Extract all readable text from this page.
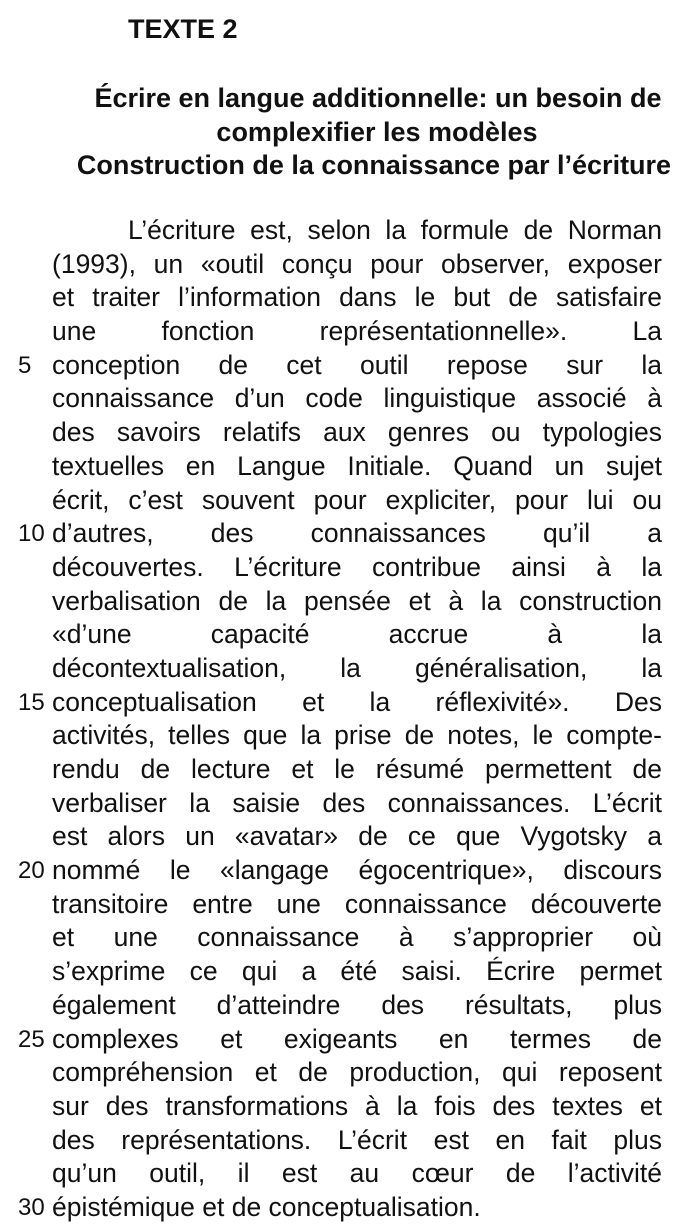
TEXTE 2
Écrire en langue additionnelle: un besoin de
complexifier les modèles
Construction de la connaissance par l’écriture
L’écriture est, selon la formule de Norman
(1993), un «outil conçu pour observer, exposer
et traiter l’information dans le but de satisfaire
une fonction représentationnelle». La
5 conception de cet outil repose sur la
connaissance d’un code linguistique associé à
des savoirs relatifs aux genres ou typologies
textuelles en Langue Initiale. Quand un sujet
écrit, c’est souvent pour expliciter, pour lui ou
10 d’autres, des connaissances qu’il a
découvertes. L’écriture contribue ainsi à la
verbalisation de la pensée et à la construction
«d’une capacité accrue à la
décontextualisation, la généralisation, la
15 conceptualisation et la réflexivité». Des
activités, telles que la prise de notes, le compte-
rendu de lecture et le résumé permettent de
verbaliser la saisie des connaissances. L’écrit
est alors un «avatar» de ce que Vygotsky a
20 nommé le «langage égocentrique», discours
transitoire entre une connaissance découverte
et une connaissance à s’approprier où
s’exprime ce qui a été saisi. Écrire permet
également d’atteindre des résultats, plus
25 complexes et exigeants en termes de
compréhension et de production, qui reposent
sur des transformations à la fois des textes et
des représentations. L’écrit est en fait plus
qu’un outil, il est au cœur de l’activité
30 épistémique et de conceptualisation.
